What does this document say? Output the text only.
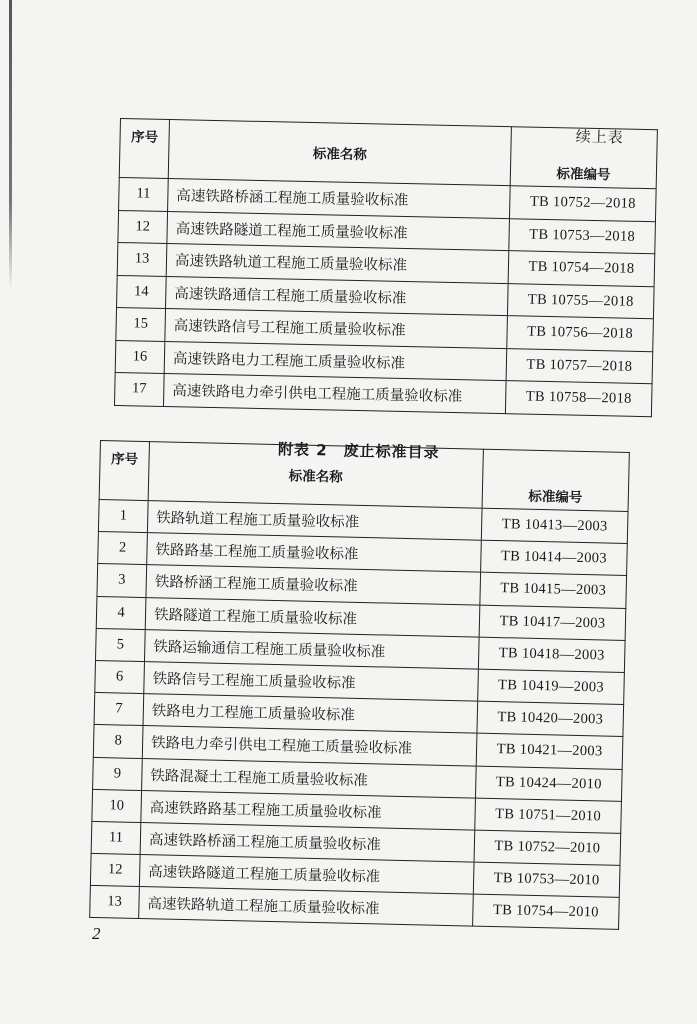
续上表
序号	标准名称	标准编号
11	高速铁路桥涵工程施工质量验收标准	TB 10752—2018
12	高速铁路隧道工程施工质量验收标准	TB 10753—2018
13	高速铁路轨道工程施工质量验收标准	TB 10754—2018
14	高速铁路通信工程施工质量验收标准	TB 10755—2018
15	高速铁路信号工程施工质量验收标准	TB 10756—2018
16	高速铁路电力工程施工质量验收标准	TB 10757—2018
17	高速铁路电力牵引供电工程施工质量验收标准	TB 10758—2018
附表 2　废止标准目录
序号	标准名称	标准编号
1	铁路轨道工程施工质量验收标准	TB 10413—2003
2	铁路路基工程施工质量验收标准	TB 10414—2003
3	铁路桥涵工程施工质量验收标准	TB 10415—2003
4	铁路隧道工程施工质量验收标准	TB 10417—2003
5	铁路运输通信工程施工质量验收标准	TB 10418—2003
6	铁路信号工程施工质量验收标准	TB 10419—2003
7	铁路电力工程施工质量验收标准	TB 10420—2003
8	铁路电力牵引供电工程施工质量验收标准	TB 10421—2003
9	铁路混凝土工程施工质量验收标准	TB 10424—2010
10	高速铁路路基工程施工质量验收标准	TB 10751—2010
11	高速铁路桥涵工程施工质量验收标准	TB 10752—2010
12	高速铁路隧道工程施工质量验收标准	TB 10753—2010
13	高速铁路轨道工程施工质量验收标准	TB 10754—2010
2
